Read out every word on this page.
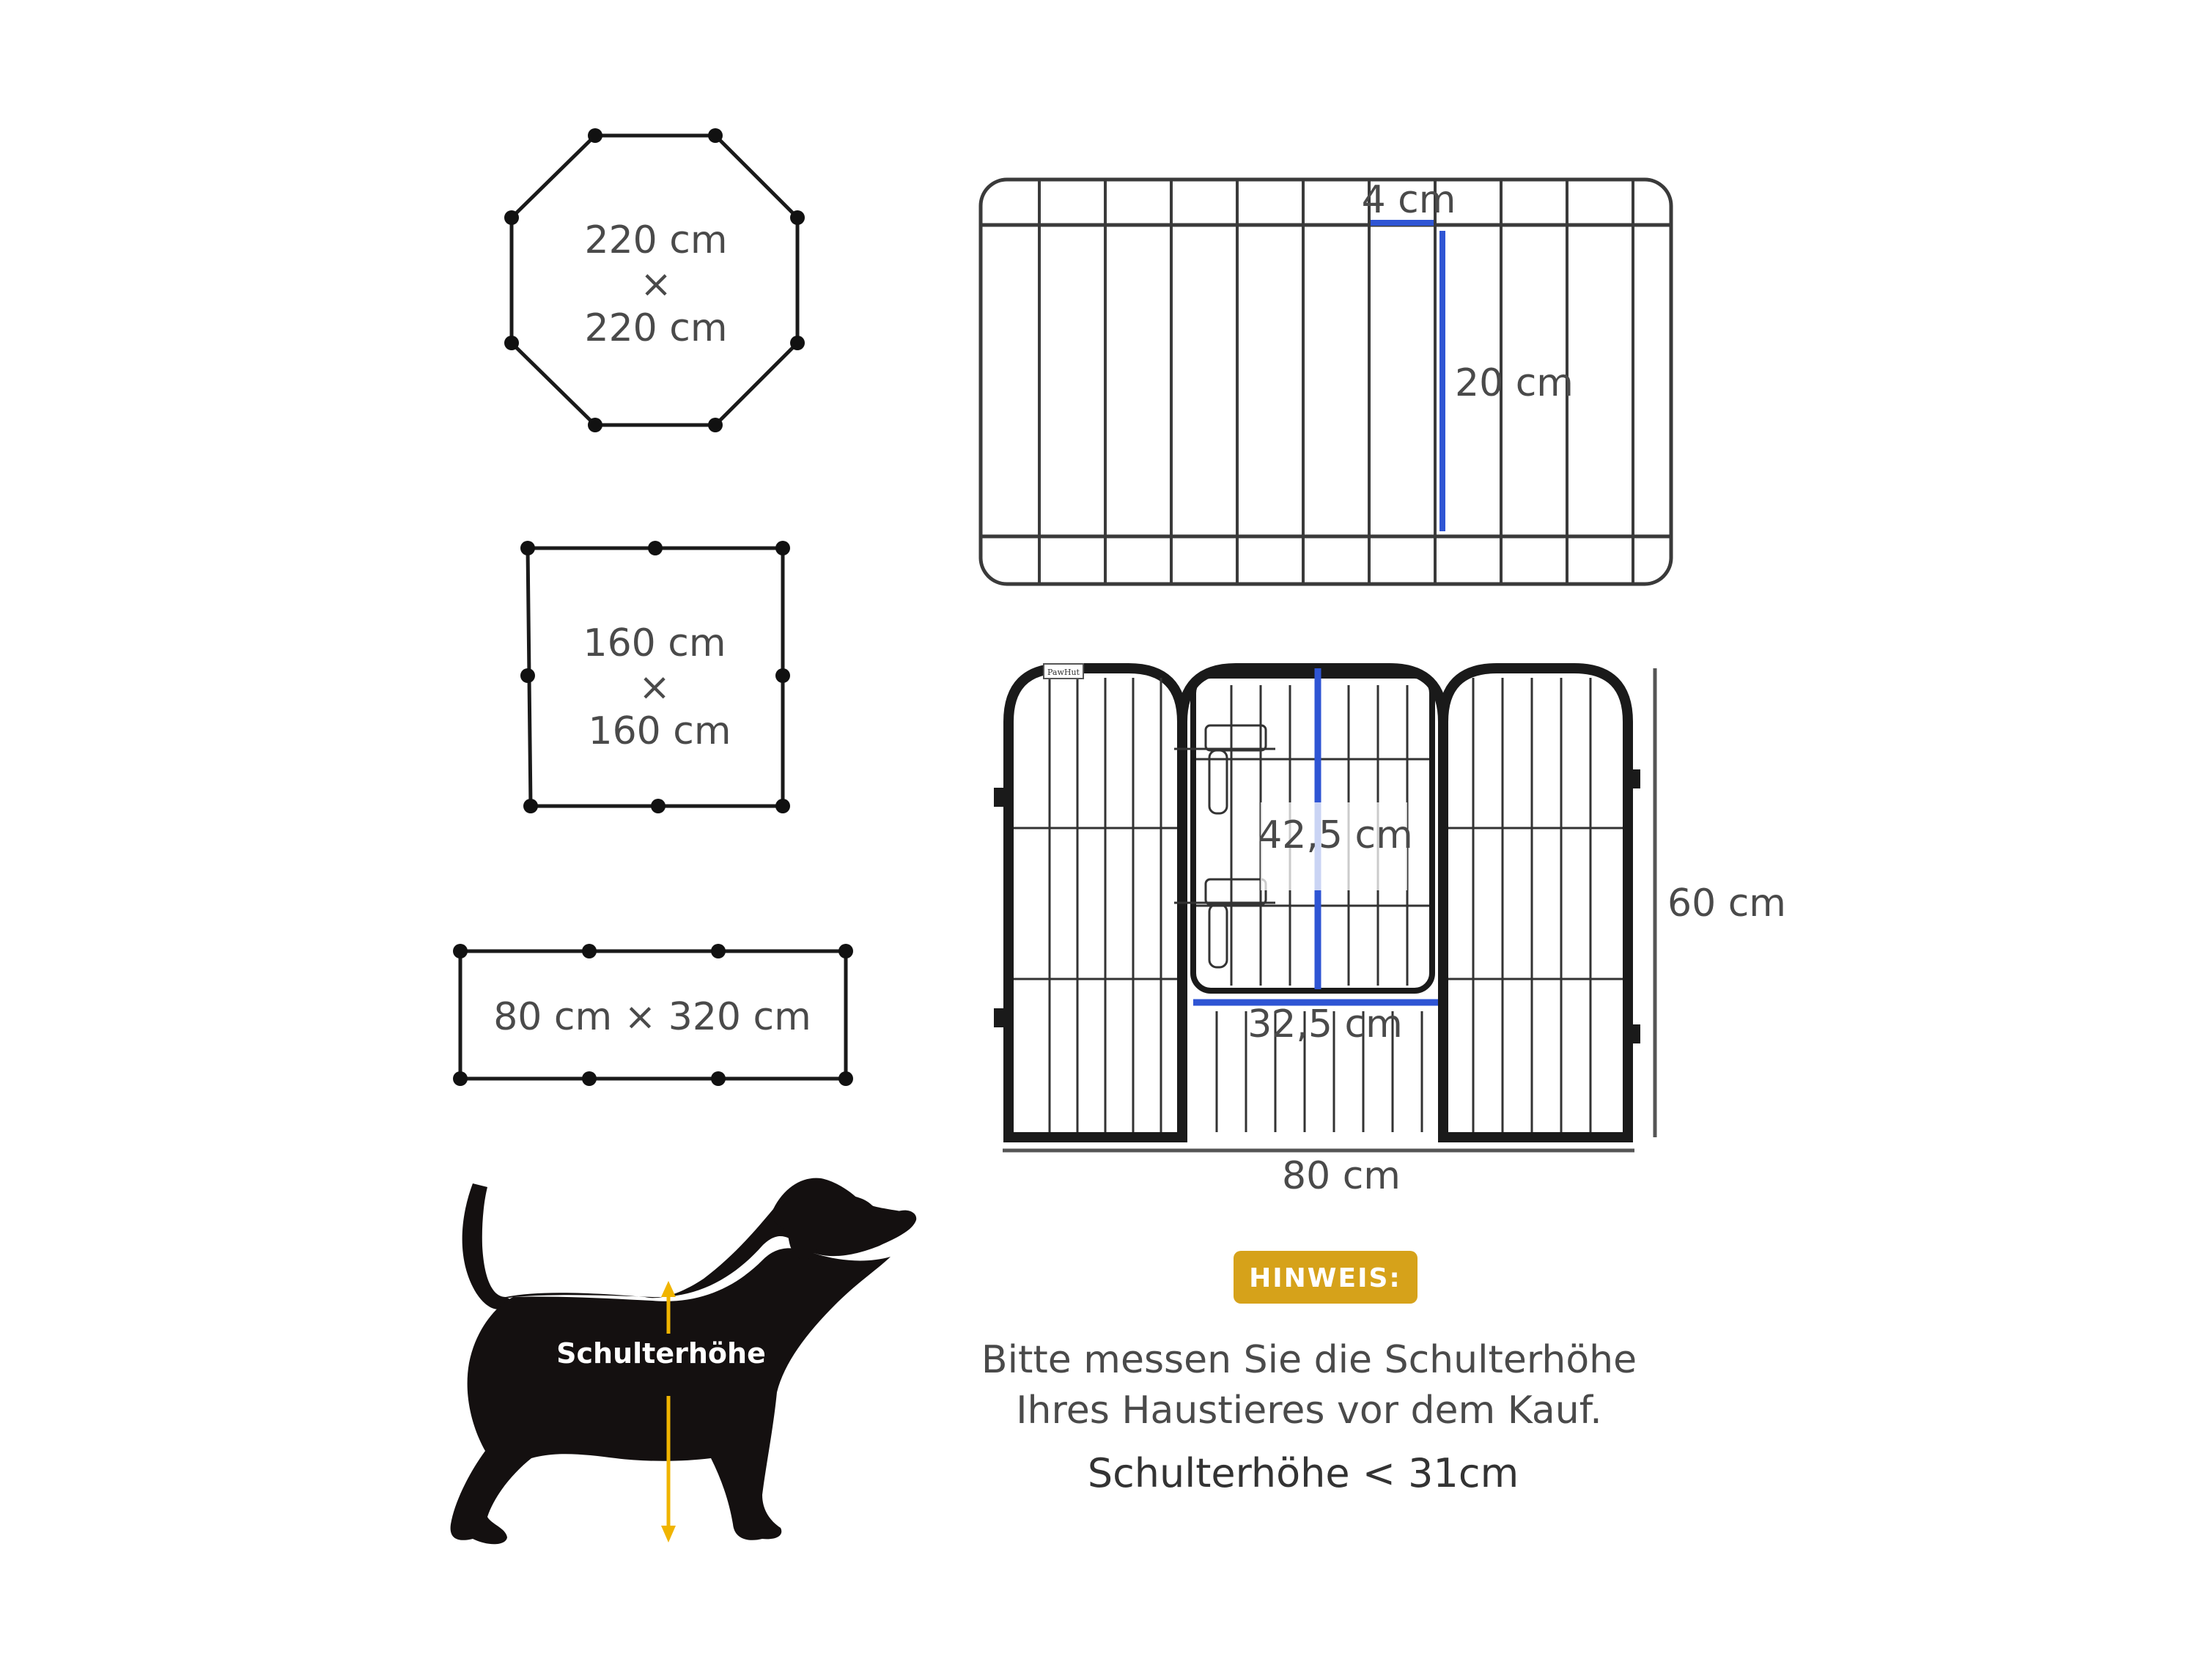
220 cm
×
220 cm
160 cm
×
160 cm
80 cm × 320 cm
4 cm
20 cm
PawHut
42,5 cm
32,5 cm
80 cm
60 cm
Schulterhöhe
HINWEIS:
Bitte messen Sie die Schulterhöhe
Ihres Haustieres vor dem Kauf.
Schulterhöhe < 31cm
